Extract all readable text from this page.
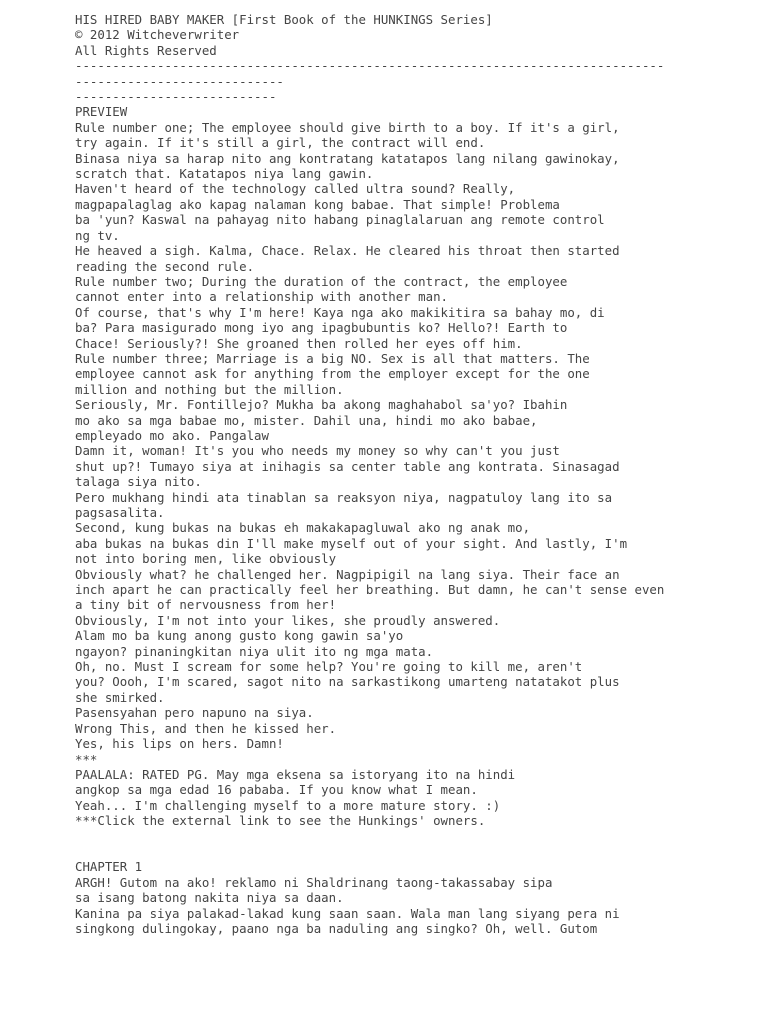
HIS HIRED BABY MAKER [First Book of the HUNKINGS Series]
© 2012 Witcheverwriter
All Rights Reserved
-------------------------------------------------------------------------------
----------------------------
---------------------------
PREVIEW
Rule number one; The employee should give birth to a boy. If it's a girl,
try again. If it's still a girl, the contract will end.
Binasa niya sa harap nito ang kontratang katatapos lang nilang gawinokay,
scratch that. Katatapos niya lang gawin.
Haven't heard of the technology called ultra sound? Really,
magpapalaglag ako kapag nalaman kong babae. That simple! Problema
ba 'yun? Kaswal na pahayag nito habang pinaglalaruan ang remote control
ng tv.
He heaved a sigh. Kalma, Chace. Relax. He cleared his throat then started
reading the second rule.
Rule number two; During the duration of the contract, the employee
cannot enter into a relationship with another man.
Of course, that's why I'm here! Kaya nga ako makikitira sa bahay mo, di
ba? Para masigurado mong iyo ang ipagbubuntis ko? Hello?! Earth to
Chace! Seriously?! She groaned then rolled her eyes off him.
Rule number three; Marriage is a big NO. Sex is all that matters. The
employee cannot ask for anything from the employer except for the one
million and nothing but the million.
Seriously, Mr. Fontillejo? Mukha ba akong maghahabol sa'yo? Ibahin
mo ako sa mga babae mo, mister. Dahil una, hindi mo ako babae,
empleyado mo ako. Pangalaw
Damn it, woman! It's you who needs my money so why can't you just
shut up?! Tumayo siya at inihagis sa center table ang kontrata. Sinasagad
talaga siya nito.
Pero mukhang hindi ata tinablan sa reaksyon niya, nagpatuloy lang ito sa
pagsasalita.
Second, kung bukas na bukas eh makakapagluwal ako ng anak mo,
aba bukas na bukas din I'll make myself out of your sight. And lastly, I'm
not into boring men, like obviously
Obviously what? he challenged her. Nagpipigil na lang siya. Their face an
inch apart he can practically feel her breathing. But damn, he can't sense even
a tiny bit of nervousness from her!
Obviously, I'm not into your likes, she proudly answered.
Alam mo ba kung anong gusto kong gawin sa'yo
ngayon? pinaningkitan niya ulit ito ng mga mata.
Oh, no. Must I scream for some help? You're going to kill me, aren't
you? Oooh, I'm scared, sagot nito na sarkastikong umarteng natatakot plus
she smirked.
Pasensyahan pero napuno na siya.
Wrong This, and then he kissed her.
Yes, his lips on hers. Damn!
***
PAALALA: RATED PG. May mga eksena sa istoryang ito na hindi
angkop sa mga edad 16 pababa. If you know what I mean.
Yeah... I'm challenging myself to a more mature story. :)
***Click the external link to see the Hunkings' owners.
CHAPTER 1
ARGH! Gutom na ako! reklamo ni Shaldrinang taong-takassabay sipa
sa isang batong nakita niya sa daan.
Kanina pa siya palakad-lakad kung saan saan. Wala man lang siyang pera ni
singkong dulingokay, paano nga ba naduling ang singko? Oh, well. Gutom
